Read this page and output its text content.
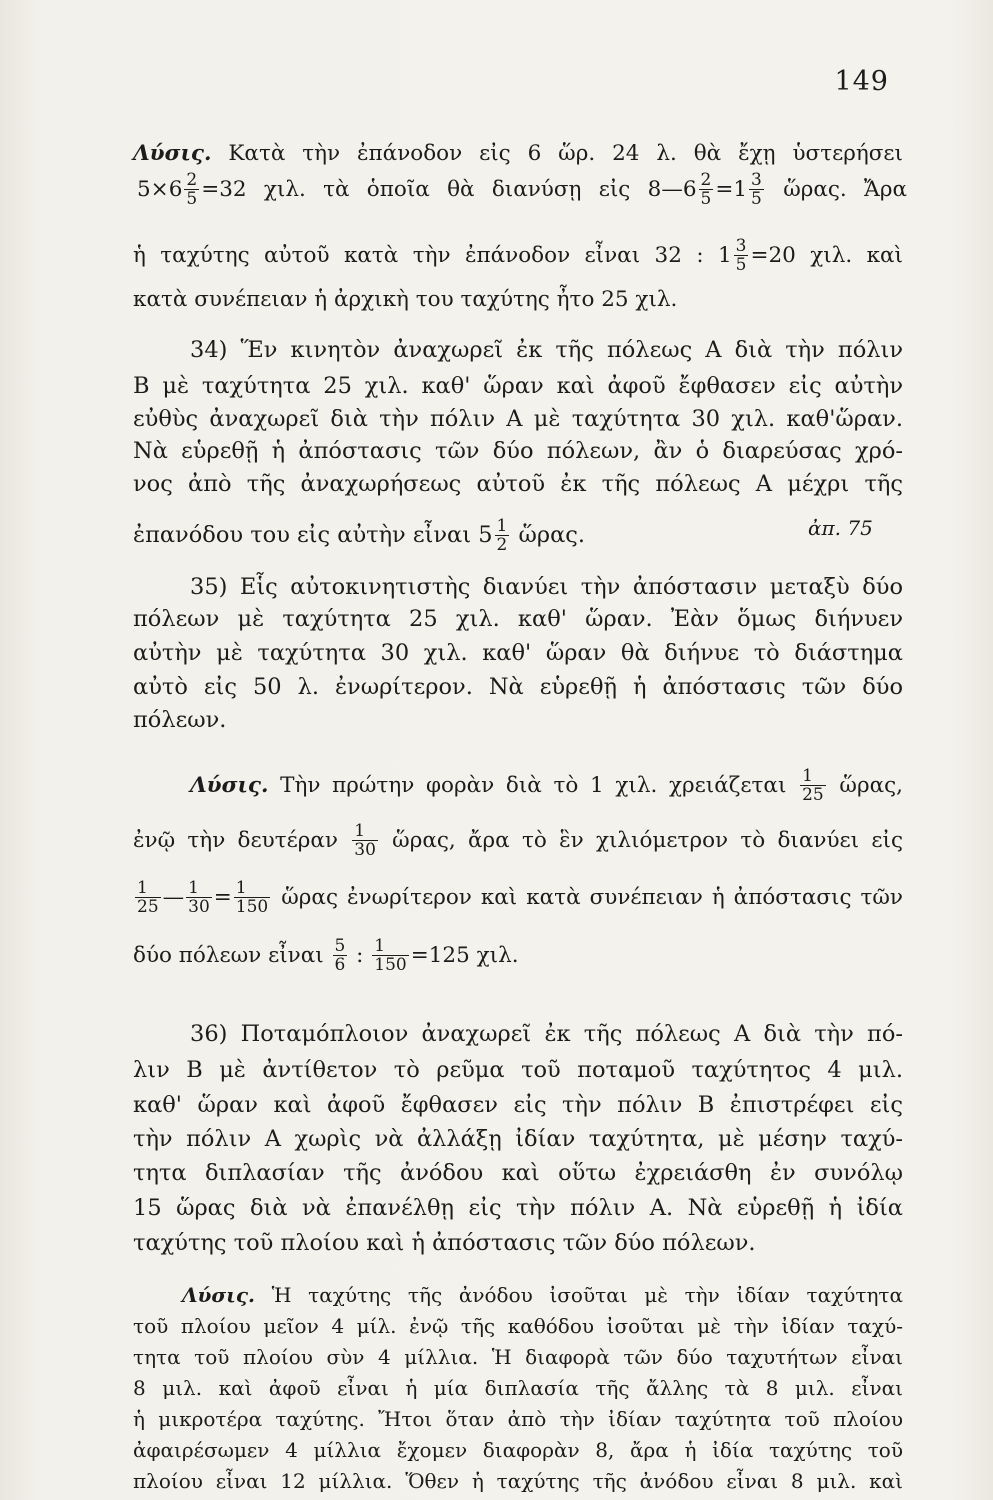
149
Λύσις. Κατὰ τὴν ἐπάνοδον εἰς 6 ὥρ. 24 λ. θὰ ἔχῃ ὑστερήσει
$5\times 6 \frac{2}{5} =32$ χιλ. τὰ ὁποῖα θὰ διανύσῃ εἰς 8—6 $\frac{2}{5} =1 \frac{3}{5}$ ὥρας. Ἄρα
ἡ ταχύτης αὐτοῦ κατὰ τὴν ἐπάνοδον εἶναι 32 : $1 \frac{3}{5} =20$ χιλ. καὶ
κατὰ συνέπειαν ἡ ἀρχικὴ του ταχύτης ἦτο 25 χιλ.
34) Ἕν κινητὸν ἀναχωρεῖ ἐκ τῆς πόλεως Α διὰ τὴν πόλιν
Β μὲ ταχύτητα 25 χιλ. καθ' ὥραν καὶ ἀφοῦ ἔφθασεν εἰς αὐτὴν
εὐθὺς ἀναχωρεῖ διὰ τὴν πόλιν Α μὲ ταχύτητα 30 χιλ. καθ'ὥραν.
Νὰ εὑρεθῇ ἡ ἀπόστασις τῶν δύο πόλεων, ἂν ὁ διαρεύσας χρό-
νος ἀπὸ τῆς ἀναχωρήσεως αὐτοῦ ἐκ τῆς πόλεως Α μέχρι τῆς
ἐπανόδου του εἰς αὐτὴν εἶναι $5 \frac{1}{2}$ ὥρας.	ἀπ. 75
35) Εἷς αὐτοκινητιστὴς διανύει τὴν ἀπόστασιν μεταξὺ δύο
πόλεων μὲ ταχύτητα 25 χιλ. καθ' ὥραν. Ἐὰν ὅμως διήνυεν
αὐτὴν μὲ ταχύτητα 30 χιλ. καθ' ὥραν θὰ διήνυε τὸ διάστημα
αὐτὸ εἰς 50 λ. ἐνωρίτερον. Νὰ εὑρεθῇ ἡ ἀπόστασις τῶν δύο
πόλεων.
Λύσις. Τὴν πρώτην φορὰν διὰ τὸ 1 χιλ. χρειάζεται $\frac{1}{25}$ ὥρας,
ἐνῷ τὴν δευτέραν $\frac{1}{30}$ ὥρας, ἄρα τὸ ἓν χιλιόμετρον τὸ διανύει εἰς
$\frac{1}{25}$ — $\frac{1}{30} = \frac{1}{150}$ ὥρας ἐνωρίτερον καὶ κατὰ συνέπειαν ἡ ἀπόστασις τῶν
δύο πόλεων εἶναι $\frac{5}{6}$ : $\frac{1}{150} =125$ χιλ.
36) Ποταμόπλοιον ἀναχωρεῖ ἐκ τῆς πόλεως Α διὰ τὴν πό-
λιν Β μὲ ἀντίθετον τὸ ρεῦμα τοῦ ποταμοῦ ταχύτητος 4 μιλ.
καθ' ὥραν καὶ ἀφοῦ ἔφθασεν εἰς τὴν πόλιν Β ἐπιστρέφει εἰς
τὴν πόλιν Α χωρὶς νὰ ἀλλάξῃ ἰδίαν ταχύτητα, μὲ μέσην ταχύ-
τητα διπλασίαν τῆς ἀνόδου καὶ οὕτω ἐχρειάσθη ἐν συνόλῳ
15 ὥρας διὰ νὰ ἐπανέλθῃ εἰς τὴν πόλιν Α. Νὰ εὑρεθῇ ἡ ἰδία
ταχύτης τοῦ πλοίου καὶ ἡ ἀπόστασις τῶν δύο πόλεων.
Λύσις. Ἡ ταχύτης τῆς ἀνόδου ἰσοῦται μὲ τὴν ἰδίαν ταχύτητα
τοῦ πλοίου μεῖον 4 μίλ. ἐνῷ τῆς καθόδου ἰσοῦται μὲ τὴν ἰδίαν ταχύ-
τητα τοῦ πλοίου σὺν 4 μίλλια. Ἡ διαφορὰ τῶν δύο ταχυτήτων εἶναι
8 μιλ. καὶ ἀφοῦ εἶναι ἡ μία διπλασία τῆς ἄλλης τὰ 8 μιλ. εἶναι
ἡ μικροτέρα ταχύτης. Ἤτοι ὅταν ἀπὸ τὴν ἰδίαν ταχύτητα τοῦ πλοίου
ἀφαιρέσωμεν 4 μίλλια ἔχομεν διαφορὰν 8, ἄρα ἡ ἰδία ταχύτης τοῦ
πλοίου εἶναι 12 μίλλια. Ὅθεν ἡ ταχύτης τῆς ἀνόδου εἶναι 8 μιλ. καὶ
